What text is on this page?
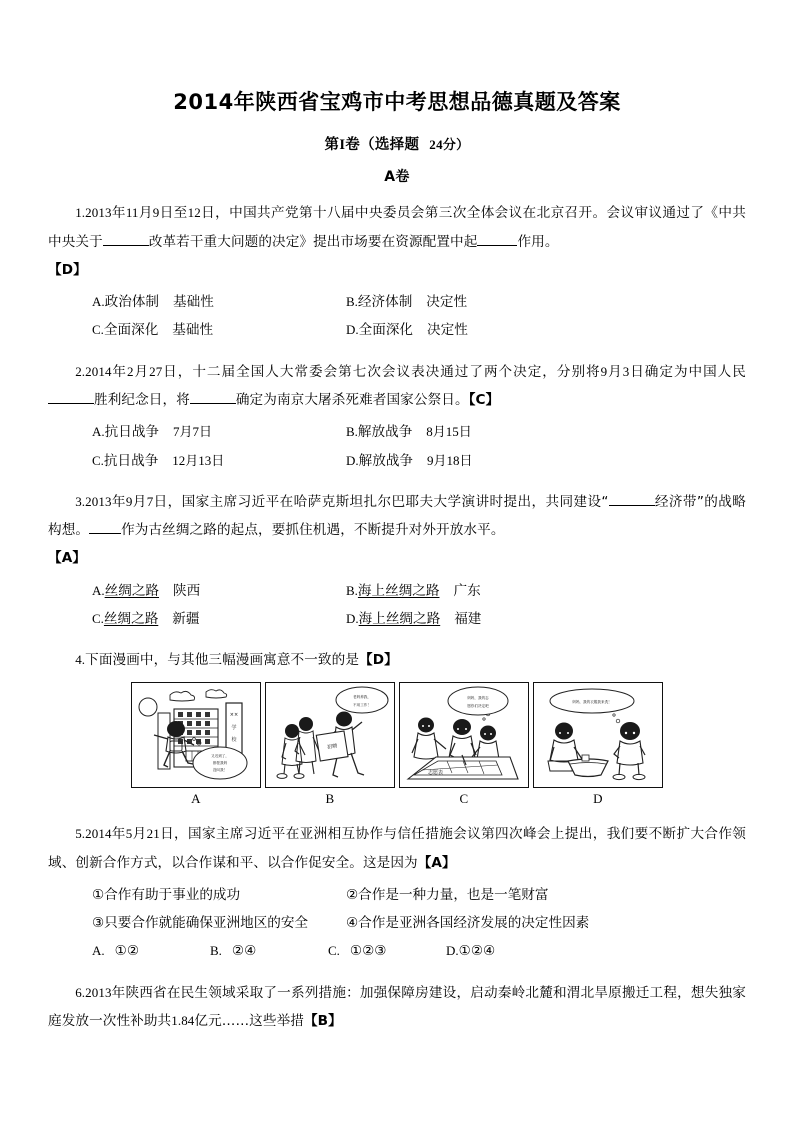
2014年陕西省宝鸡市中考思想品德真题及答案
第I卷（选择题 24分）
A卷
1.2013年11月9日至12日，中国共产党第十八届中央委员会第三次全体会议在北京召开。会议审议通过了《中共中央关于	改革若干重大问题的决定》提出市场要在资源配置中起	作用。
【D】
A.政治体制 基础性	B.经济体制 决定性
C.全面深化 基础性	D.全面深化 决定性
2.2014年2月27日，十二届全国人大常委会第七次会议表决通过了两个决定，分别将9月3日确定为中国人民胜利纪念日，将	确定为南京大屠杀死难者国家公祭日。【C】
A.抗日战争 7月7日	B.解放战争 8月15日
C.抗日战争 12月13日	D.解放战争 9月18日
3.2013年9月7日，国家主席习近平在哈萨克斯坦扎尔巴耶夫大学演讲时提出，共同建设“	经济带”的战略构想。 作为古丝绸之路的起点，要抓住机遇，不断提升对外开放水平。
【A】
A.丝绸之路 陕西	B.海上丝绸之路 广东
C.丝绸之路 新疆	D.海上丝绸之路 福建
4.下面漫画中，与其他三幅漫画寓意不一致的是【D】
××
学
校
又迟到了，
都怪我妈
没叫我！
A
招聘
老妈养我，
不用工作！
B
志愿表
妈妈，我的志
愿你们决定吧
C
妈妈，我的衣服我来洗！
D
5.2014年5月21日，国家主席习近平在亚洲相互协作与信任措施会议第四次峰会上提出，我们要不断扩大合作领域、创新合作方式，以合作谋和平、以合作促安全。这是因为【A】
①合作有助于事业的成功	②合作是一种力量，也是一笔财富
③只要合作就能确保亚洲地区的安全	④合作是亚洲各国经济发展的决定性因素
A. ①②	B. ②④	C. ①②③	D.①②④
6.2013年陕西省在民生领域采取了一系列措施：加强保障房建设，启动秦岭北麓和渭北旱原搬迁工程，想失独家庭发放一次性补助共1.84亿元……这些举措【B】
